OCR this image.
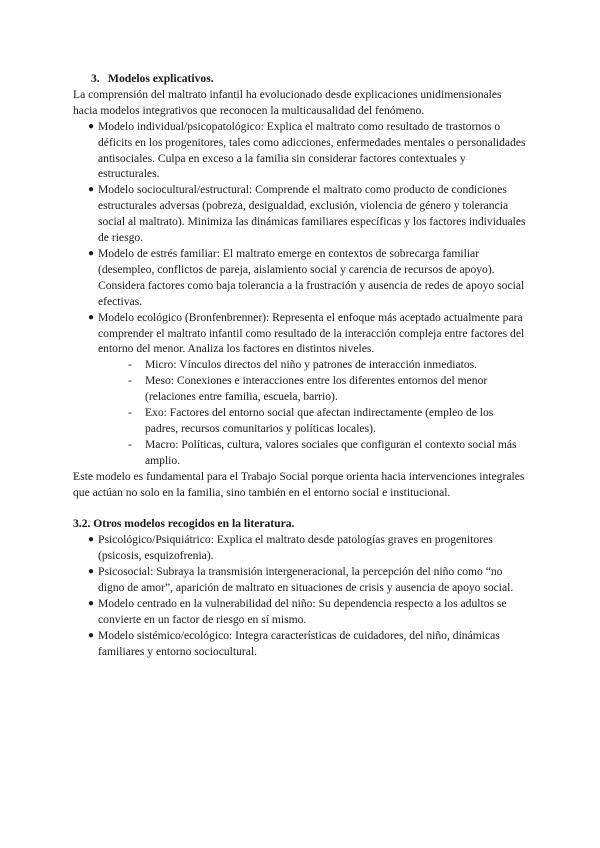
3. Modelos explicativos.

La comprensión del maltrato infantil ha evolucionado desde explicaciones unidimensionales hacia modelos integrativos que reconocen la multicausalidad del fenómeno.

● Modelo individual/psicopatológico: Explica el maltrato como resultado de trastornos o déficits en los progenitores, tales como adicciones, enfermedades mentales o personalidades antisociales. Culpa en exceso a la familia sin considerar factores contextuales y estructurales.
● Modelo sociocultural/estructural: Comprende el maltrato como producto de condiciones estructurales adversas (pobreza, desigualdad, exclusión, violencia de género y tolerancia social al maltrato). Minimiza las dinámicas familiares específicas y los factores individuales de riesgo.
● Modelo de estrés familiar: El maltrato emerge en contextos de sobrecarga familiar (desempleo, conflictos de pareja, aislamiento social y carencia de recursos de apoyo). Considera factores como baja tolerancia a la frustración y ausencia de redes de apoyo social efectivas.
● Modelo ecológico (Bronfenbrenner): Representa el enfoque más aceptado actualmente para comprender el maltrato infantil como resultado de la interacción compleja entre factores del entorno del menor. Analiza los factores en distintos niveles.
- Micro: Vínculos directos del niño y patrones de interacción inmediatos.
- Meso: Conexiones e interacciones entre los diferentes entornos del menor (relaciones entre familia, escuela, barrio).
- Exo: Factores del entorno social que afectan indirectamente (empleo de los padres, recursos comunitarios y políticas locales).
- Macro: Políticas, cultura, valores sociales que configuran el contexto social más amplio.

Este modelo es fundamental para el Trabajo Social porque orienta hacia intervenciones integrales que actúan no solo en la familia, sino también en el entorno social e institucional.

3.2. Otros modelos recogidos en la literatura.

● Psicológico/Psiquiátrico: Explica el maltrato desde patologías graves en progenitores (psicosis, esquizofrenia).
● Psicosocial: Subraya la transmisión intergeneracional, la percepción del niño como “no digno de amor”, aparición de maltrato en situaciones de crisis y ausencia de apoyo social.
● Modelo centrado en la vulnerabilidad del niño: Su dependencia respecto a los adultos se convierte en un factor de riesgo en sí mismo.
● Modelo sistémico/ecológico: Integra características de cuidadores, del niño, dinámicas familiares y entorno sociocultural.
